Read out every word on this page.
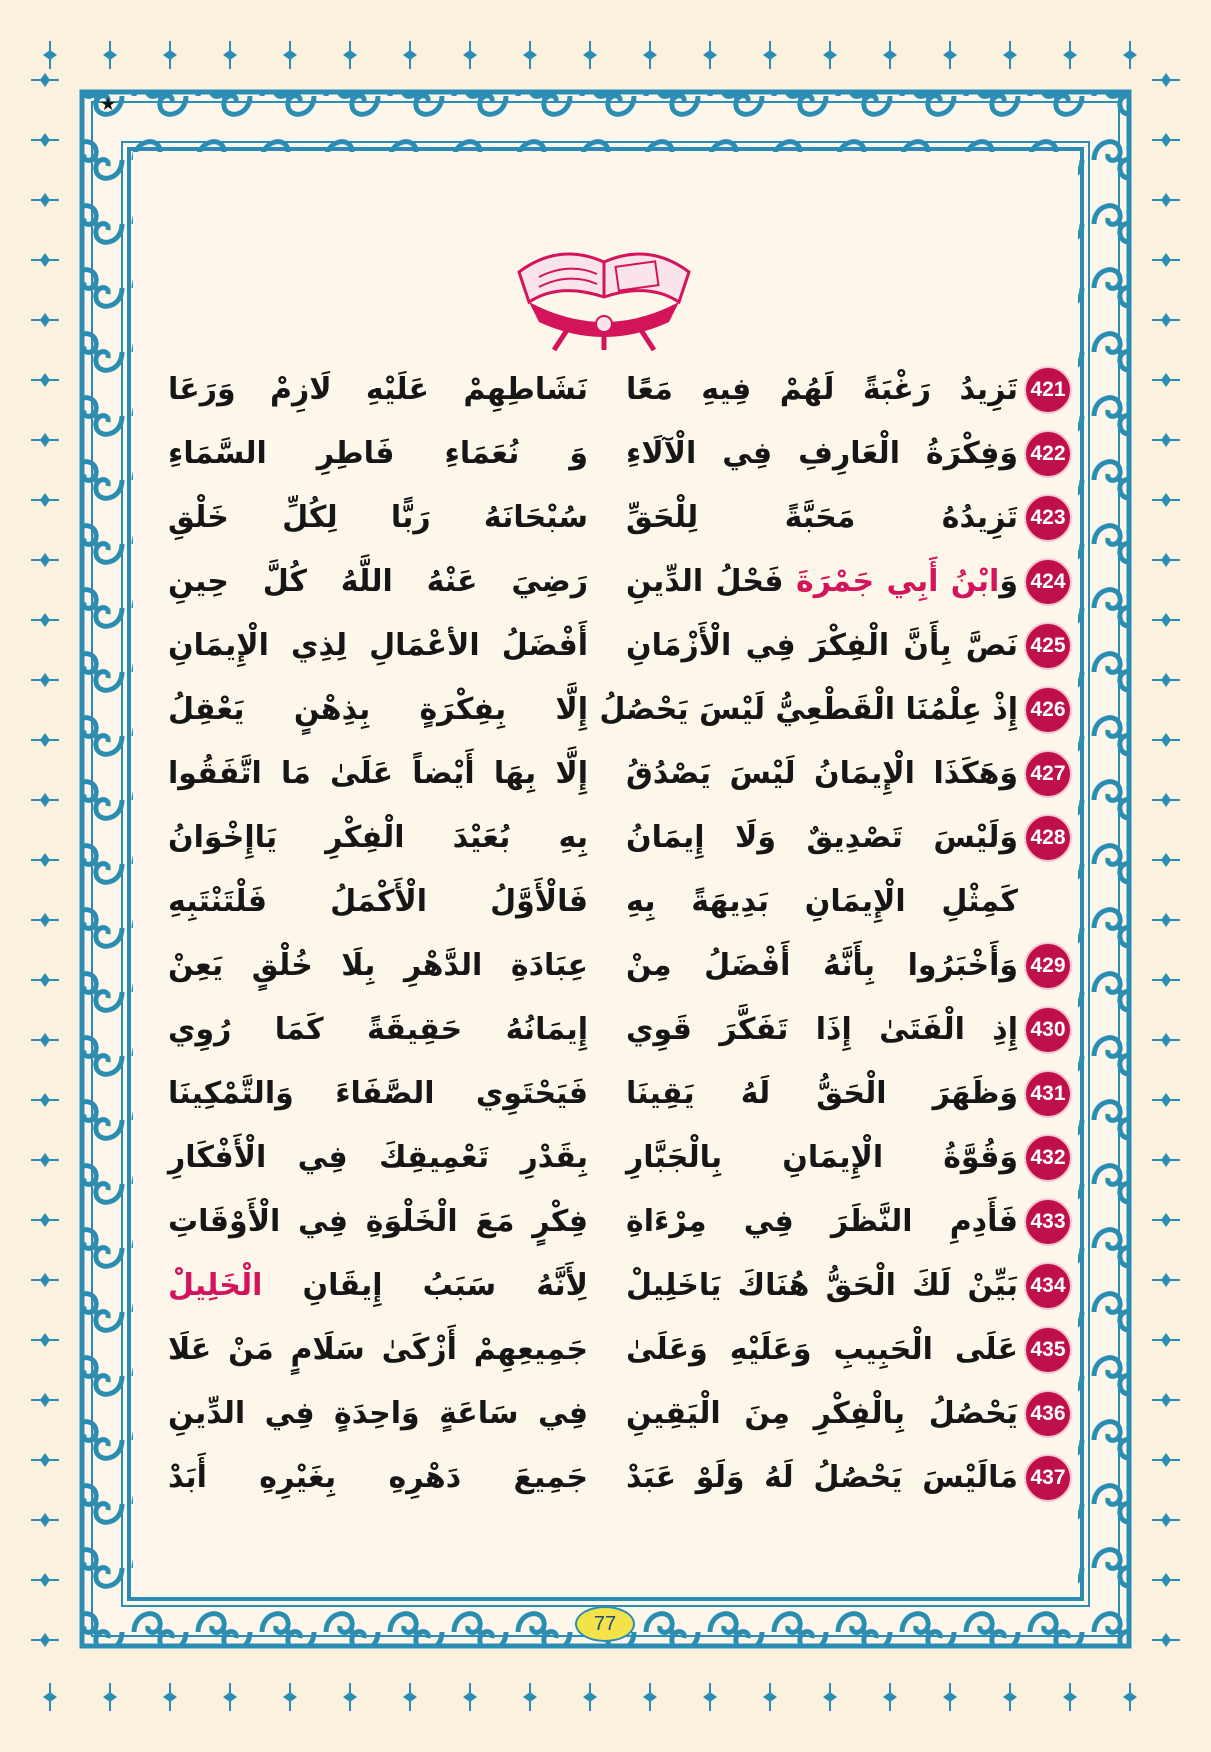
★
421
تَزِيدُ رَغْبَةً لَهُمْ فِيهِ مَعًا
نَشَاطِهِمْ عَلَيْهِ لَازِمْ وَرَعَا
422
وَفِكْرَةُ الْعَارِفِ فِي الْآلَاءِ
وَ نُعَمَاءِ فَاطِرِ السَّمَاءِ
423
تَزِيدُهُ مَحَبَّةً لِلْحَقِّ
سُبْحَانَهُ رَبًّا لِكُلِّ خَلْقِ
424
وَابْنُ أَبِي جَمْرَةَ فَحْلُ الدِّينِ
رَضِيَ عَنْهُ اللَّهُ كُلَّ حِينِ
425
نَصَّ بِأَنَّ الْفِكْرَ فِي الْأَزْمَانِ
أَفْضَلُ الأعْمَالِ لِذِي الْإِيمَانِ
426
إِذْ عِلْمُنَا الْقَطْعِيُّ لَيْسَ يَحْصُلُ
إِلَّا بِفِكْرَةٍ بِذِهْنٍ يَعْقِلُ
427
وَهَكَذَا الْإِيمَانُ لَيْسَ يَصْدُقُ
إِلَّا بِهَا أَيْضاً عَلَىٰ مَا اتَّفَقُوا
428
وَلَيْسَ تَصْدِيقٌ وَلَا إِيمَانُ
بِهِ بُعَيْدَ الْفِكْرِ يَاإِخْوَانُ
كَمِثْلِ الْإِيمَانِ بَدِيهَةً بِهِ
فَالْأَوَّلُ الْأَكْمَلُ فَلْتَنْتَبِهِ
429
وَأَخْبَرُوا بِأَنَّهُ أَفْضَلُ مِنْ
عِبَادَةِ الدَّهْرِ بِلَا خُلْقٍ يَعِنْ
430
إِذِ الْفَتَىٰ إِذَا تَفَكَّرَ قَوِي
إِيمَانُهُ حَقِيقَةً كَمَا رُوِي
431
وَظَهَرَ الْحَقُّ لَهُ يَقِينَا
فَيَحْتَوِي الصَّفَاءَ وَالتَّمْكِينَا
432
وَقُوَّةُ الْإِيمَانِ بِالْجَبَّارِ
بِقَدْرِ تَعْمِيقِكَ فِي الْأَفْكَارِ
433
فَأَدِمِ النَّظَرَ فِي مِرْءَاةِ
فِكْرٍ مَعَ الْخَلْوَةِ فِي الْأَوْقَاتِ
434
بَيِّنْ لَكَ الْحَقُّ هُنَاكَ يَاخَلِيلْ
لِأَنَّهُ سَبَبُ إِيقَانِ الْخَلِيلْ
435
عَلَى الْحَبِيبِ وَعَلَيْهِ وَعَلَىٰ
جَمِيعِهِمْ أَزْكَىٰ سَلَامٍ مَنْ عَلَا
436
يَحْصُلُ بِالْفِكْرِ مِنَ الْيَقِينِ
فِي سَاعَةٍ وَاحِدَةٍ فِي الدِّينِ
437
مَالَيْسَ يَحْصُلُ لَهُ وَلَوْ عَبَدْ
جَمِيعَ دَهْرِهِ بِغَيْرِهِ أَبَدْ
77
